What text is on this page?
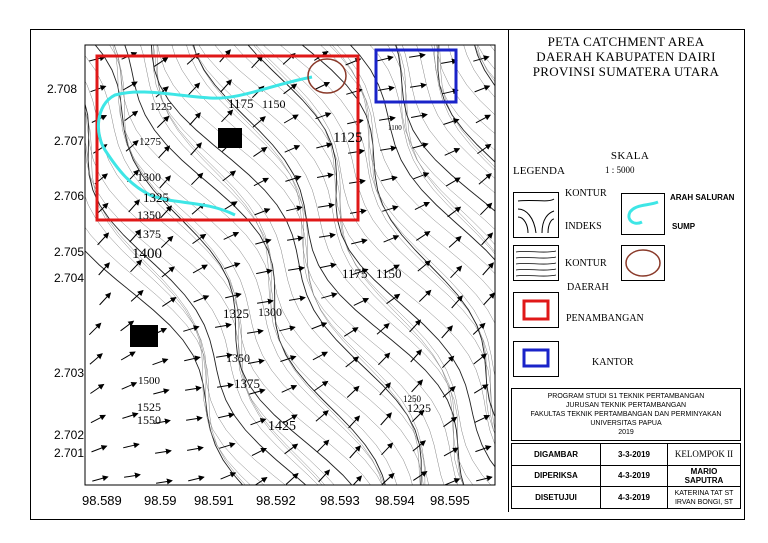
1225	1175 1150
1275	1125
1300
1325
1350
1375
1400
1175 1150
1325 1300
1350
1375
1500
1525
1550	1425
1250
1225
1100
98.589 98.59 98.591 98.592 98.593 98.594 98.595
2.708
2.707
2.706
2.705
2.704
2.703
2.702
2.701
PETA CATCHMENT AREA
DAERAH KABUPATEN DAIRI
PROVINSI SUMATERA UTARA
SKALA
LEGENDA	1 : 5000
KONTUR
INDEKS
ARAH SALURAN
SUMP
KONTUR
DAERAH
PENAMBANGAN
KANTOR
PROGRAM STUDI S1 TEKNIK PERTAMBANGAN
JURUSAN TEKNIK PERTAMBANGAN
FAKULTAS TEKNIK PERTAMBANGAN DAN PERMINYAKAN
UNIVERSITAS PAPUA
2019
DIGAMBAR	3-3-2019	KELOMPOK II
DIPERIKSA	4-3-2019	MARIO SAPUTRA
DISETUJUI	4-3-2019	KATERINA TAT ST
IRVAN BONGI, ST
